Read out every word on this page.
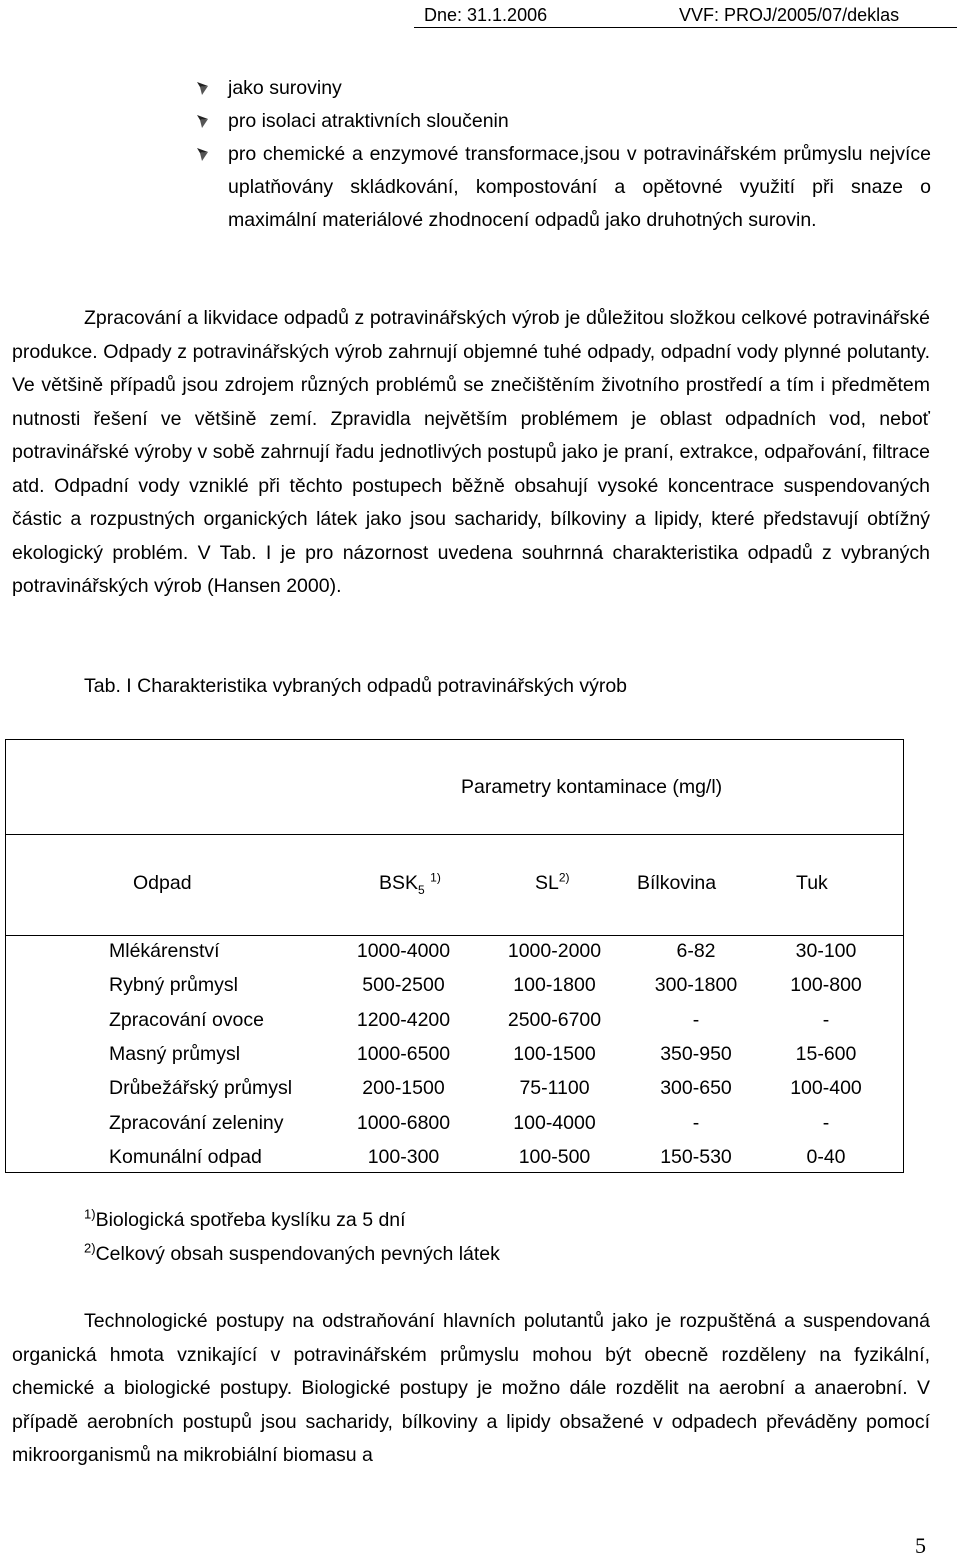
Dne: 31.1.2006	VVF: PROJ/2005/07/deklas
jako suroviny
pro isolaci atraktivních sloučenin
pro chemické a enzymové transformace,jsou v potravinářském průmyslu nejvíce uplatňovány skládkování, kompostování a opětovné využití při snaze o maximální materiálové zhodnocení odpadů jako druhotných surovin.

Zpracování a likvidace odpadů z potravinářských výrob je důležitou složkou celkové potravinářské produkce. Odpady z potravinářských výrob zahrnují objemné tuhé odpady, odpadní vody plynné polutanty. Ve většině případů jsou zdrojem různých problémů se znečištěním životního prostředí a tím i předmětem nutnosti řešení ve většině zemí. Zpravidla největším problémem je oblast odpadních vod, neboť potravinářské výroby v sobě zahrnují řadu jednotlivých postupů jako je praní, extrakce, odpařování, filtrace atd. Odpadní vody vzniklé při těchto postupech běžně obsahují vysoké koncentrace suspendovaných částic a rozpustných organických látek jako jsou sacharidy, bílkoviny a lipidy, které představují obtížný ekologický problém. V Tab. I je pro názornost uvedena souhrnná charakteristika odpadů z vybraných potravinářských výrob (Hansen 2000).

Tab. I Charakteristika vybraných odpadů potravinářských výrob
Parametry kontaminace (mg/l)
Odpad	$BSK_5$ $^{1)}$	SL$^{2)}$	Bílkovina	Tuk
Mlékárenství	1000-4000	1000-2000	6-82	30-100
Rybný průmysl	500-2500	100-1800	300-1800	100-800
Zpracování ovoce	1200-4200	2500-6700	-	-
Masný průmysl	1000-6500	100-1500	350-950	15-600
Drůbežářský průmysl	200-1500	75-1100	300-650	100-400
Zpracování zeleniny	1000-6800	100-4000	-	-
Komunální odpad	100-300	100-500	150-530	0-40
$^{1)}$Biologická spotřeba kyslíku za 5 dní
$^{2)}$Celkový obsah suspendovaných pevných látek

Technologické postupy na odstraňování hlavních polutantů jako je rozpuštěná a suspendovaná organická hmota vznikající v potravinářském průmyslu mohou být obecně rozděleny na fyzikální, chemické a biologické postupy. Biologické postupy je možno dále rozdělit na aerobní a anaerobní. V případě aerobních postupů jsou sacharidy, bílkoviny a lipidy obsažené v odpadech převáděny pomocí mikroorganismů na mikrobiální biomasu a

5
